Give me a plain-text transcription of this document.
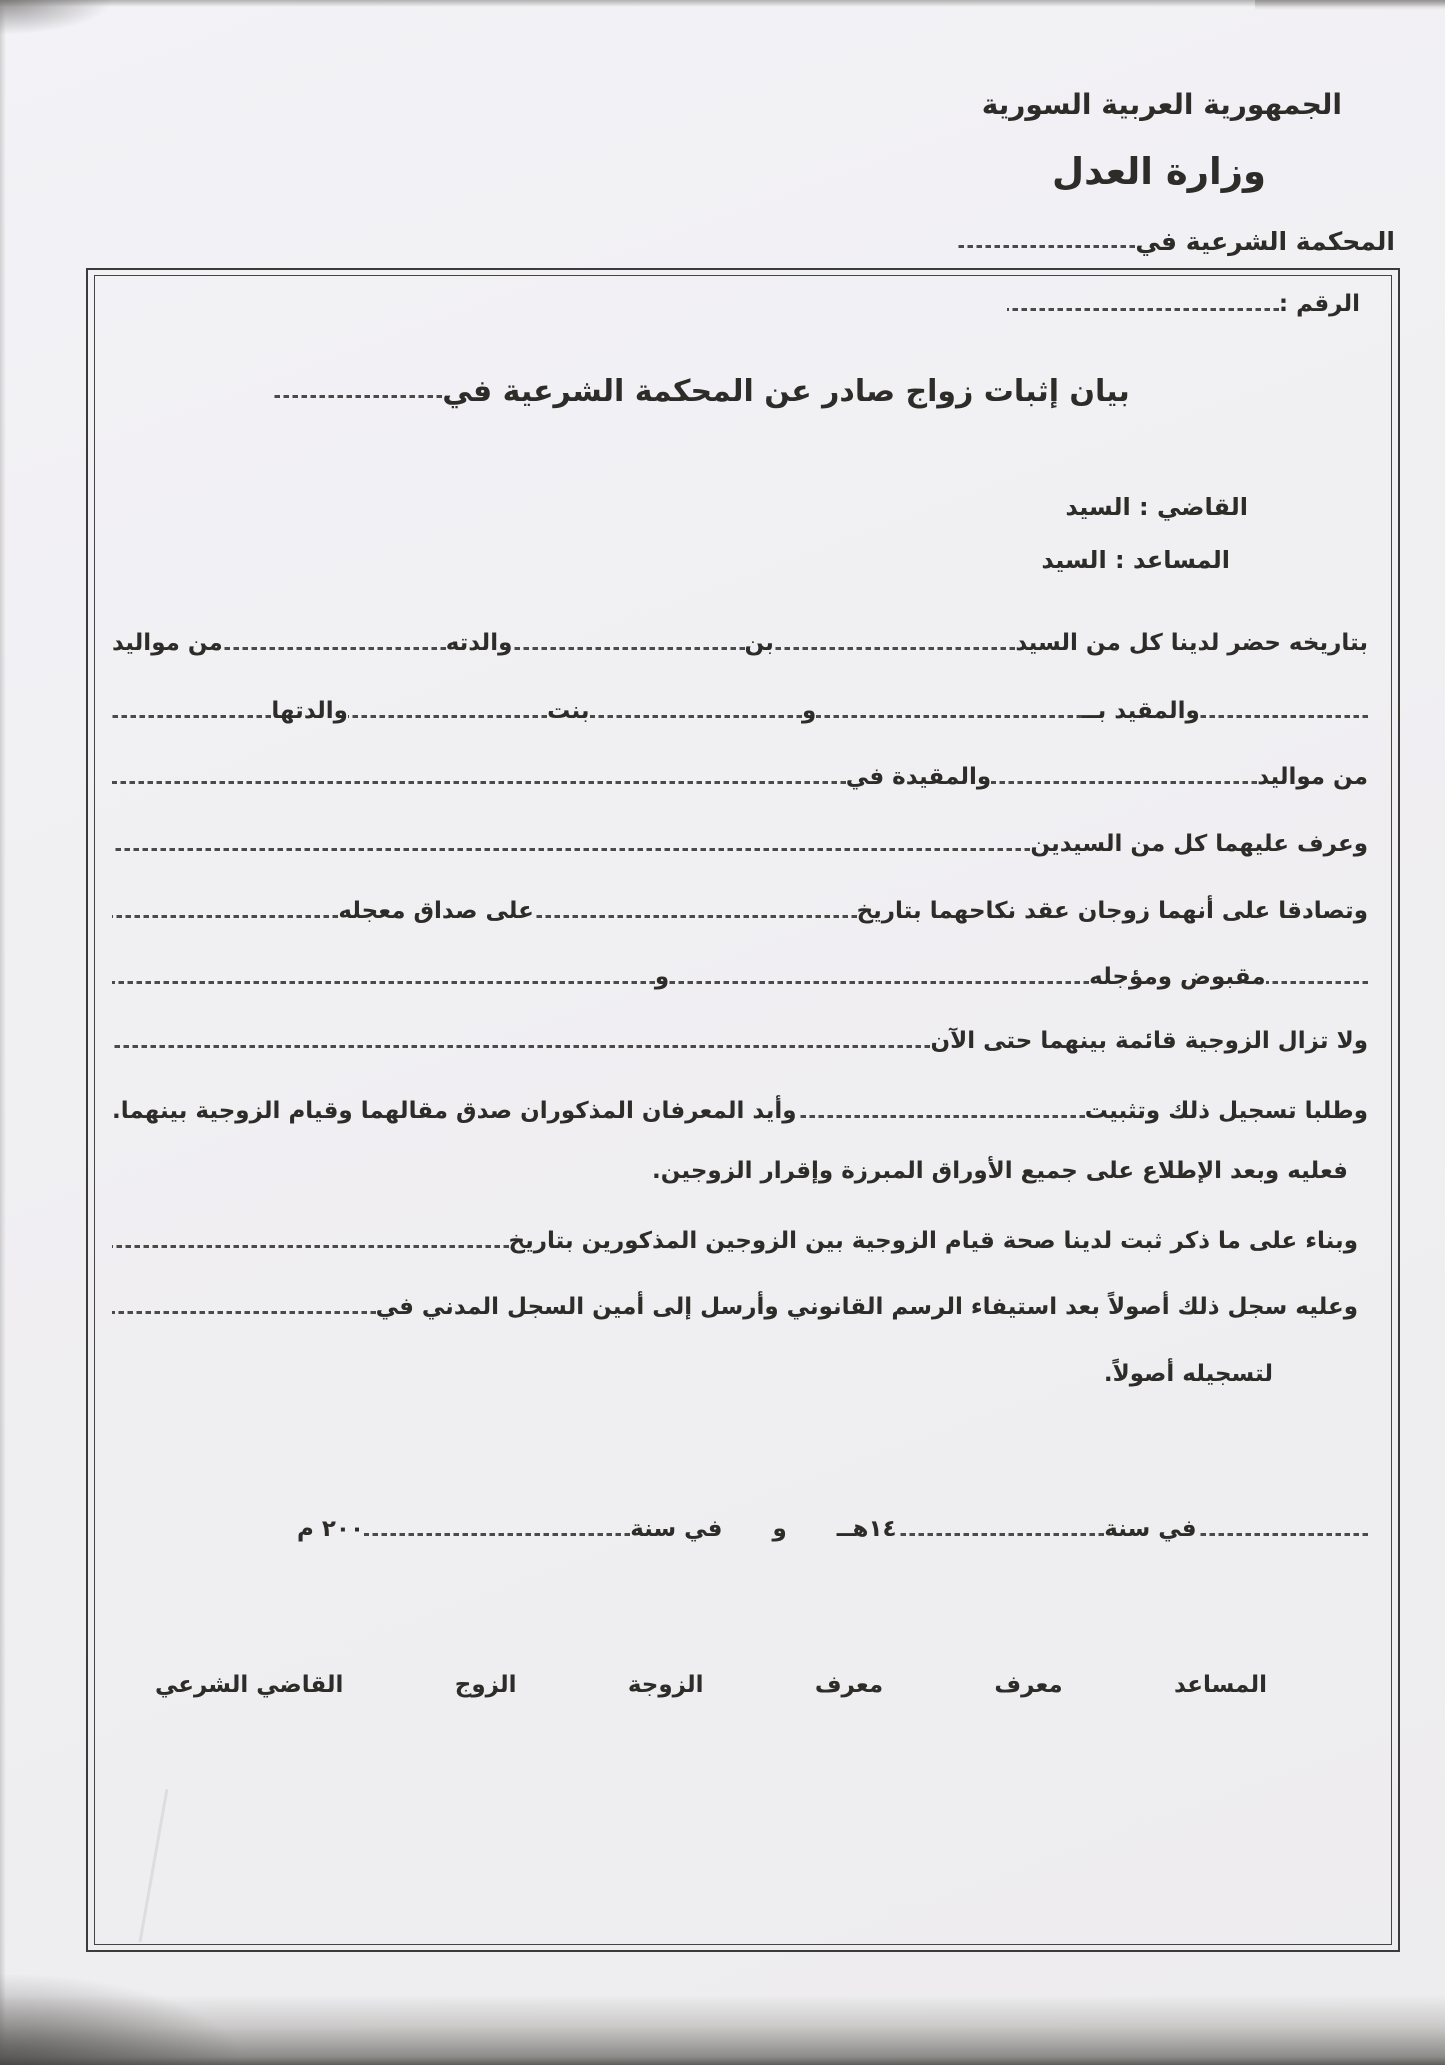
الجمهورية العربية السورية
وزارة العدل
المحكمة الشرعية في
الرقم :
بيان إثبات زواج صادر عن المحكمة الشرعية في
القاضي : السيد
المساعد : السيد
بتاريخه حضر لدينا كل من السيد
بن
والدته
من مواليد
والمقيد بــ
و
بنت
والدتها
من مواليد
والمقيدة في
وعرف عليهما كل من السيدين
وتصادقا على أنهما زوجان عقد نكاحهما بتاريخ
على صداق معجله
مقبوض ومؤجله
و
ولا تزال الزوجية قائمة بينهما حتى الآن
وطلبا تسجيل ذلك وتثبيت
وأيد المعرفان المذكوران صدق مقالهما وقيام الزوجية بينهما.
فعليه وبعد الإطلاع على جميع الأوراق المبرزة وإقرار الزوجين.
وبناء على ما ذكر ثبت لدينا صحة قيام الزوجية بين الزوجين المذكورين بتاريخ
وعليه سجل ذلك أصولاً بعد استيفاء الرسم القانوني وأرسل إلى أمين السجل المدني في
لتسجيله أصولاً.
في سنة
١٤هــ
و
في سنة
٢٠٠ م
المساعد
معرف
معرف
الزوجة
الزوج
القاضي الشرعي
